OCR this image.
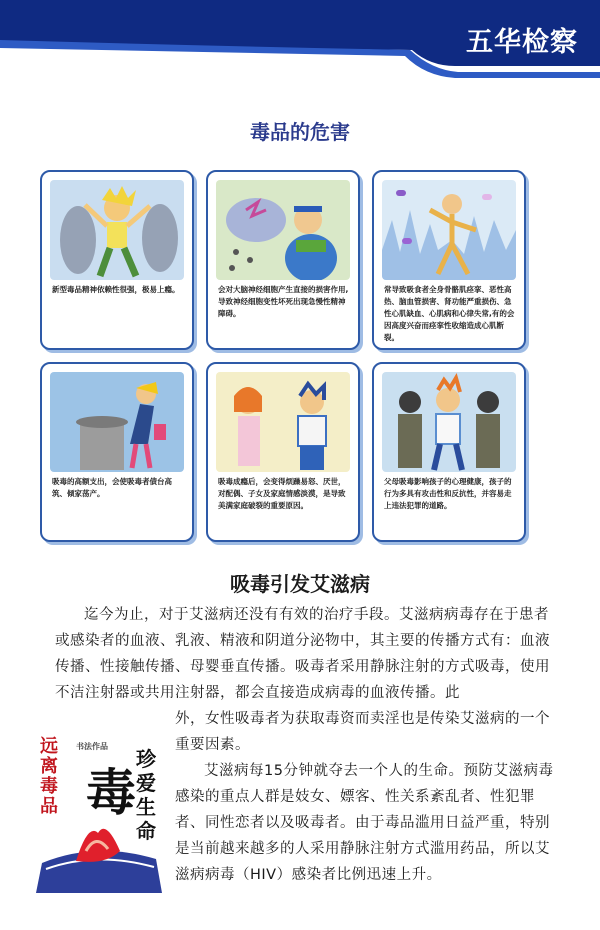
五华检察
毒品的危害
新型毒品精神依赖性很强，极易上瘾。	会对大脑神经细胞产生直接的损害作用,导致神经细胞变性坏死出现急慢性精神障碍。
常导致吸食者全身骨骼肌痉挛、恶性高热、脑血管损害、肾功能严重损伤、急性心肌缺血、心肌病和心律失常,有的会因高度兴奋而痉挛性收缩造成心肌断裂。
吸毒的高额支出，会使吸毒者债台高筑、倾家荡产。
吸毒成瘾后，会变得烦躁易怒、厌世，对配偶、子女及家庭情感淡漠，是导致美满家庭破裂的重要原因。
父母吸毒影响孩子的心理健康，孩子的行为多具有攻击性和反抗性，并容易走上违法犯罪的道路。
吸毒引发艾滋病
迄今为止，对于艾滋病还没有有效的治疗手段。艾滋病病毒存在于患者或感染者的血液、乳液、精液和阴道分泌物中，其主要的传播方式有：血液传播、性接触传播、母婴垂直传播。吸毒者采用静脉注射的方式吸毒，使用不洁注射器或共用注射器，都会直接造成病毒的血液传播。此
外，女性吸毒者为获取毒资而卖淫也是传染艾滋病的一个重要因素。
艾滋病每15分钟就夺去一个人的生命。预防艾滋病毒感染的重点人群是妓女、嫖客、性关系紊乱者、性犯罪者、同性恋者以及吸毒者。由于毒品滥用日益严重，特别是当前越来越多的人采用静脉注射方式滥用药品，所以艾滋病病毒（HIV）感染者比例迅速上升。
远离毒品
书法作品
毒
珍爱生命
